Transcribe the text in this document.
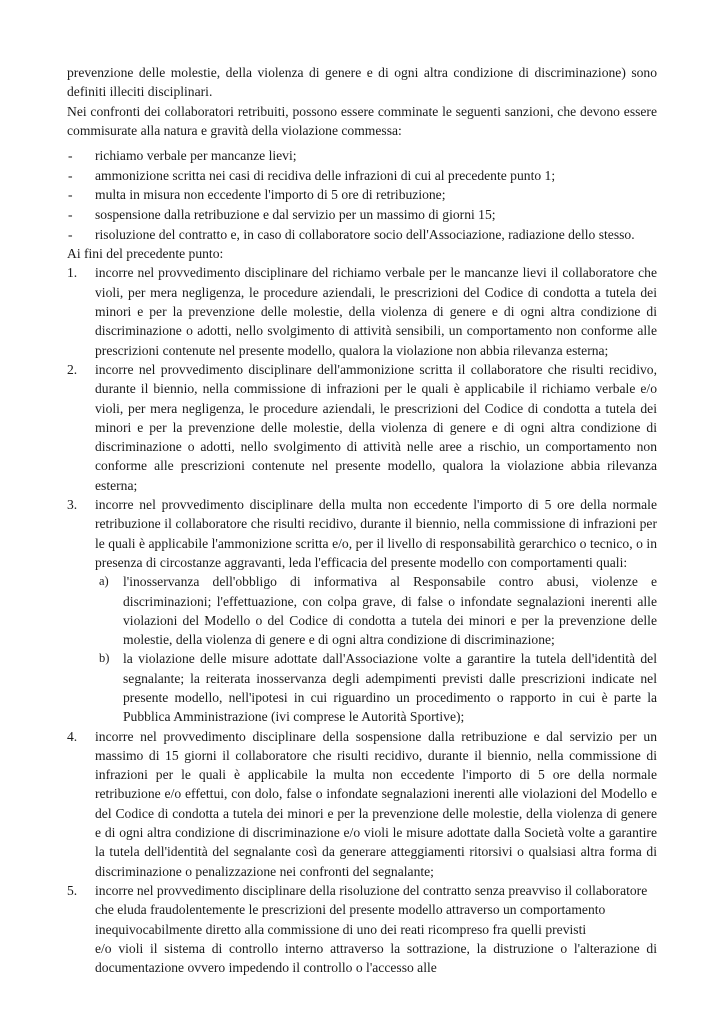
prevenzione delle molestie, della violenza di genere e di ogni altra condizione di discriminazione) sono definiti illeciti disciplinari.

Nei confronti dei collaboratori retribuiti, possono essere comminate le seguenti sanzioni, che devono essere commisurate alla natura e gravità della violazione commessa:

- richiamo verbale per mancanze lievi;
- ammonizione scritta nei casi di recidiva delle infrazioni di cui al precedente punto 1;
- multa in misura non eccedente l'importo di 5 ore di retribuzione;
- sospensione dalla retribuzione e dal servizio per un massimo di giorni 15;
- risoluzione del contratto e, in caso di collaboratore socio dell'Associazione, radiazione dello stesso.

Ai fini del precedente punto:

1. incorre nel provvedimento disciplinare del richiamo verbale per le mancanze lievi il collaboratore che violi, per mera negligenza, le procedure aziendali, le prescrizioni del Codice di condotta a tutela dei minori e per la prevenzione delle molestie, della violenza di genere e di ogni altra condizione di discriminazione o adotti, nello svolgimento di attività sensibili, un comportamento non conforme alle prescrizioni contenute nel presente modello, qualora la violazione non abbia rilevanza esterna;
2. incorre nel provvedimento disciplinare dell'ammonizione scritta il collaboratore che risulti recidivo, durante il biennio, nella commissione di infrazioni per le quali è applicabile il richiamo verbale e/o violi, per mera negligenza, le procedure aziendali, le prescrizioni del Codice di condotta a tutela dei minori e per la prevenzione delle molestie, della violenza di genere e di ogni altra condizione di discriminazione o adotti, nello svolgimento di attività nelle aree a rischio, un comportamento non conforme alle prescrizioni contenute nel presente modello, qualora la violazione abbia rilevanza esterna;
3. incorre nel provvedimento disciplinare della multa non eccedente l'importo di 5 ore della normale retribuzione il collaboratore che risulti recidivo, durante il biennio, nella commissione di infrazioni per le quali è applicabile l'ammonizione scritta e/o, per il livello di responsabilità gerarchico o tecnico, o in presenza di circostanze aggravanti, leda l'efficacia del presente modello con comportamenti quali:
a) l'inosservanza dell'obbligo di informativa al Responsabile contro abusi, violenze e discriminazioni; l'effettuazione, con colpa grave, di false o infondate segnalazioni inerenti alle violazioni del Modello o del Codice di condotta a tutela dei minori e per la prevenzione delle molestie, della violenza di genere e di ogni altra condizione di discriminazione;
b) la violazione delle misure adottate dall'Associazione volte a garantire la tutela dell'identità del segnalante; la reiterata inosservanza degli adempimenti previsti dalle prescrizioni indicate nel presente modello, nell'ipotesi in cui riguardino un procedimento o rapporto in cui è parte la Pubblica Amministrazione (ivi comprese le Autorità Sportive);
4. incorre nel provvedimento disciplinare della sospensione dalla retribuzione e dal servizio per un massimo di 15 giorni il collaboratore che risulti recidivo, durante il biennio, nella commissione di infrazioni per le quali è applicabile la multa non eccedente l'importo di 5 ore della normale retribuzione e/o effettui, con dolo, false o infondate segnalazioni inerenti alle violazioni del Modello e del Codice di condotta a tutela dei minori e per la prevenzione delle molestie, della violenza di genere e di ogni altra condizione di discriminazione e/o violi le misure adottate dalla Società volte a garantire la tutela dell'identità del segnalante così da generare atteggiamenti ritorsivi o qualsiasi altra forma di discriminazione o penalizzazione nei confronti del segnalante;
5. incorre nel provvedimento disciplinare della risoluzione del contratto senza preavviso il collaboratore che eluda fraudolentemente le prescrizioni del presente modello attraverso un comportamento inequivocabilmente diretto alla commissione di uno dei reati ricompreso fra quelli previsti
e/o violi il sistema di controllo interno attraverso la sottrazione, la distruzione o l'alterazione di documentazione ovvero impedendo il controllo o l'accesso alle
